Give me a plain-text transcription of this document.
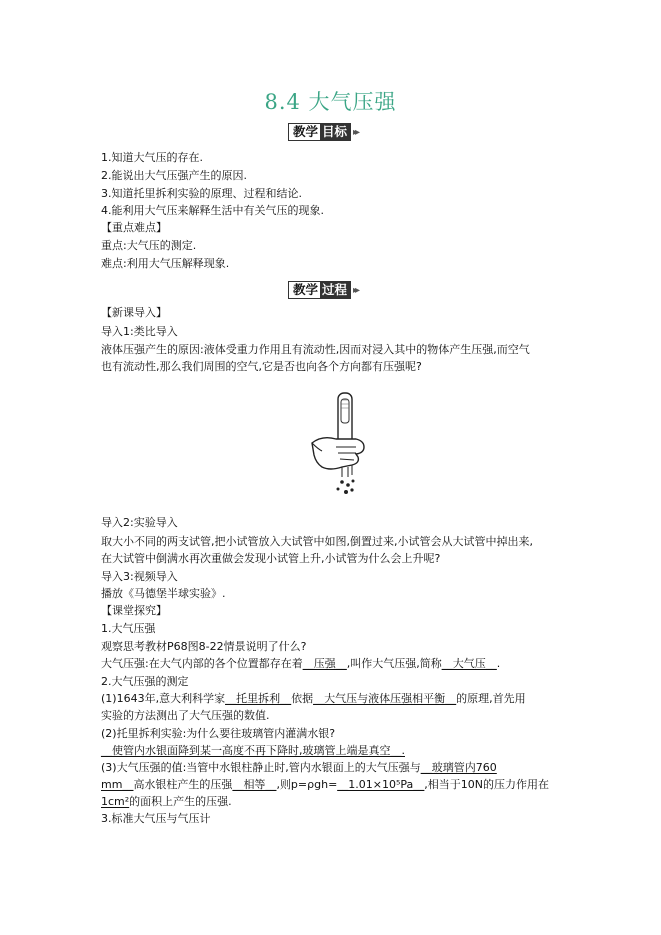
8.4 大气压强
教学 目标 ▸▸
1.知道大气压的存在.
2.能说出大气压强产生的原因.
3.知道托里拆利实验的原理、过程和结论.
4.能利用大气压来解释生活中有关气压的现象.
【重点难点】
重点:大气压的测定.
难点:利用大气压解释现象.
教学 过程 ▸▸
【新课导入】
导入1:类比导入
液体压强产生的原因:液体受重力作用且有流动性,因而对浸入其中的物体产生压强,而空气
也有流动性,那么我们周围的空气,它是否也向各个方向都有压强呢?
导入2:实验导入
取大小不同的两支试管,把小试管放入大试管中如图,倒置过来,小试管会从大试管中掉出来,
在大试管中倒满水再次重做会发现小试管上升,小试管为什么会上升呢?
导入3:视频导入
播放《马德堡半球实验》.
【课堂探究】
1.大气压强
观察思考教材P68图8-22情景说明了什么?
大气压强:在大气内部的各个位置都存在着__压强__,叫作大气压强,简称__大气压__.
2.大气压强的测定
(1)1643年,意大利科学家__托里拆利__依据__大气压与液体压强相平衡__的原理,首先用
实验的方法测出了大气压强的数值.
(2)托里拆利实验:为什么要往玻璃管内灌满水银?
__使管内水银面降到某一高度不再下降时,玻璃管上端是真空__.
(3)大气压强的值:当管中水银柱静止时,管内水银面上的大气压强与__玻璃管内760
mm__高水银柱产生的压强__相等__,则p=ρgh=__1.01×10⁵Pa__,相当于10N的压力作用在
1cm²的面积上产生的压强.
3.标准大气压与气压计
